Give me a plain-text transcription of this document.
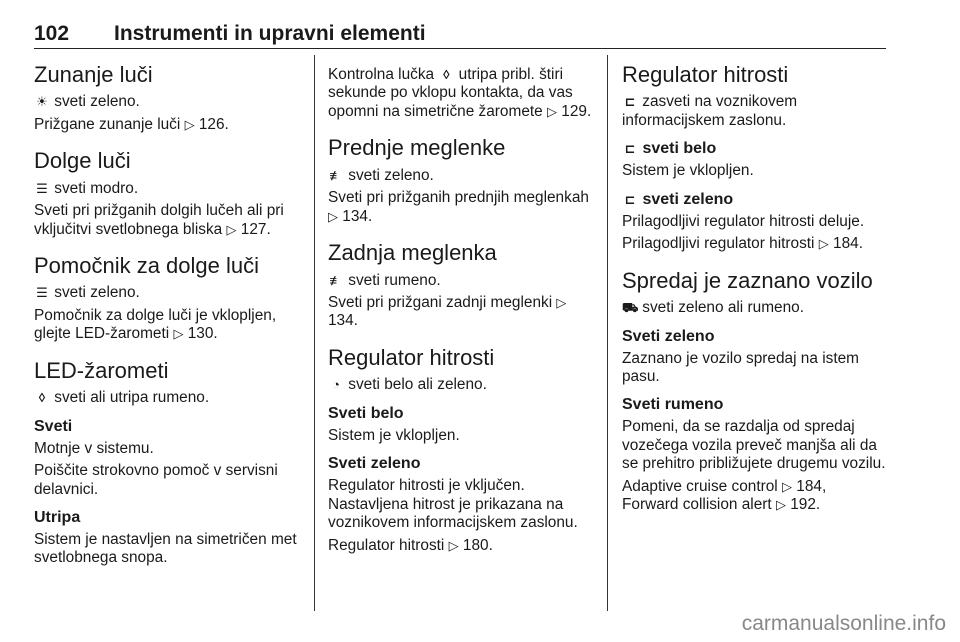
102 Instrumenti in upravni elementi
Zunanje luči

☀ sveti zeleno.

Prižgane zunanje luči ▷ 126.

Dolge luči

☰ sveti modro.

Sveti pri prižganih dolgih lučeh ali pri vključitvi svetlobnega bliska ▷ 127.

Pomočnik za dolge luči

☰ sveti zeleno.

Pomočnik za dolge luči je vklopljen, glejte LED-žarometi ▷ 130.

LED-žarometi

◊ sveti ali utripa rumeno.

Sveti

Motnje v sistemu.

Poiščite strokovno pomoč v servisni delavnici.

Utripa

Sistem je nastavljen na simetričen met svetlobnega snopa.

Kontrolna lučka ◊ utripa pribl. štiri sekunde po vklopu kontakta, da vas opomni na simetrične žaromete ▷ 129.

Prednje meglenke

≢ sveti zeleno.

Sveti pri prižganih prednjih meglenkah ▷ 134.

Zadnja meglenka

≢ sveti rumeno.

Sveti pri prižgani zadnji meglenki ▷ 134.

Regulator hitrosti

◔ sveti belo ali zeleno.

Sveti belo

Sistem je vklopljen.

Sveti zeleno

Regulator hitrosti je vključen. Nastavljena hitrost je prikazana na voznikovem informacijskem zaslonu.

Regulator hitrosti ▷ 180.

Regulator hitrosti

⊏ zasveti na voznikovem informacijskem zaslonu.

⊏ sveti belo

Sistem je vklopljen.

⊏ sveti zeleno

Prilagodljivi regulator hitrosti deluje.

Prilagodljivi regulator hitrosti ▷ 184.

Spredaj je zaznano vozilo

⛟ sveti zeleno ali rumeno.

Sveti zeleno

Zaznano je vozilo spredaj na istem pasu.

Sveti rumeno

Pomeni, da se razdalja od spredaj vozečega vozila preveč manjša ali da se prehitro približujete drugemu vozilu.

Adaptive cruise control ▷ 184,
Forward collision alert ▷ 192.

carmanualsonline.info
